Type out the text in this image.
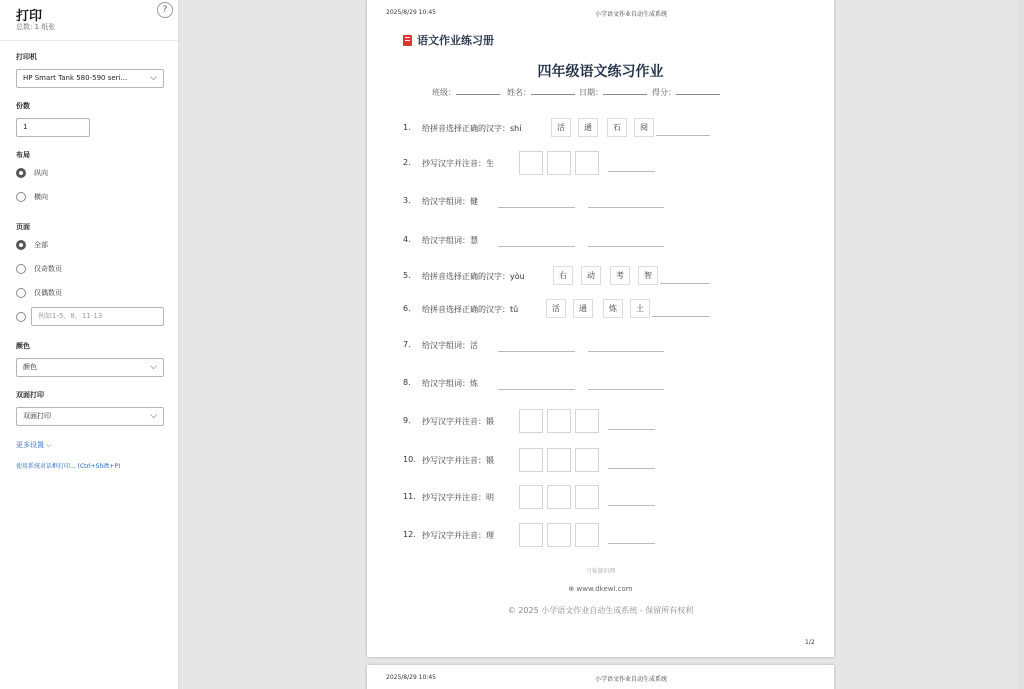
打印
总数: 1 纸张
?
打印机
HP Smart Tank 580-590 seri...	⌵
份数
1
布局
纵向
横向
页面
全部
仅奇数页
仅偶数页
例如1-5、8、11-13
颜色
颜色	⌵
双面打印
双面打印	⌵
更多设置 ⌵
使用系统对话框打印... (Ctrl+Shift+P)
2025/8/29 10:45	小学语文作业自动生成系统
语文作业练习册
四年级语文练习作业
班级：	姓名：	日期：	得分：
1. 给拼音选择正确的汉字：shí	活	通	石	阅
2. 抄写汉字并注音：生
3. 给汉字组词：健
4. 给汉字组词：慧
5. 给拼音选择正确的汉字：yòu	右	动	考	智
6. 给拼音选择正确的汉字：tǔ	活	通	炼	土
7. 给汉字组词：活
8. 给汉字组词：炼
9. 抄写汉字并注音：锻
10. 抄写汉字并注音：锻
11. 抄写汉字并注音：明
12. 抄写汉字并注音：理
刀客源码网
⊕ www.dkewl.com
© 2025 小学语文作业自动生成系统 - 保留所有权利
1/2
2025/8/29 10:45	小学语文作业自动生成系统
